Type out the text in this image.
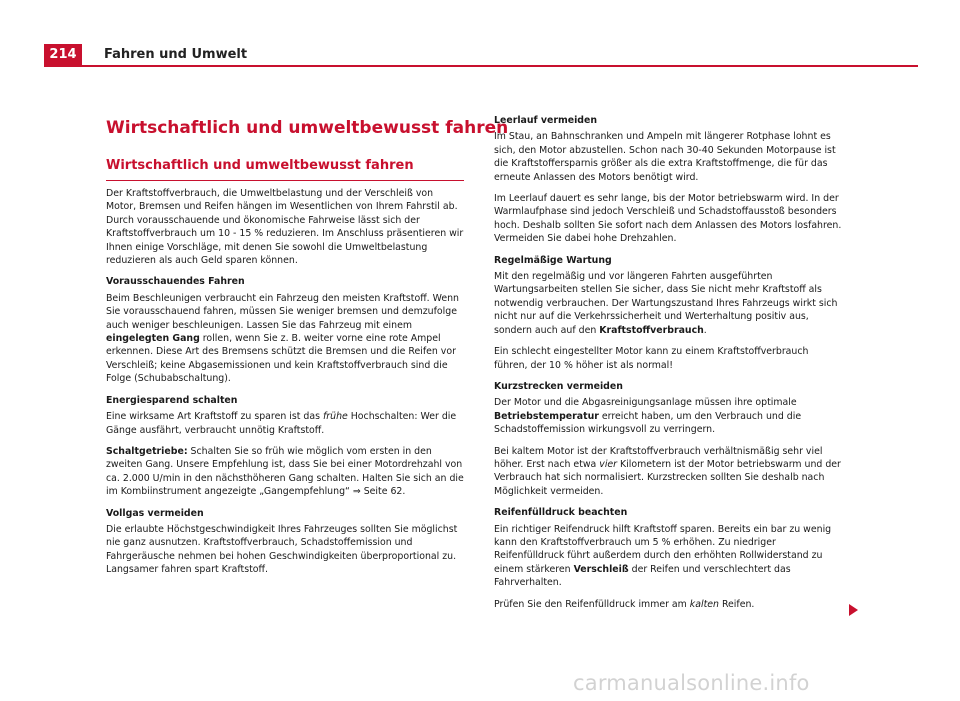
214	Fahren und Umwelt
Wirtschaftlich und umweltbewusst fahren
Wirtschaftlich und umweltbewusst fahren

Der Kraftstoffverbrauch, die Umweltbelastung und der Verschleiß von Motor, Bremsen und Reifen hängen im Wesentlichen von Ihrem Fahrstil ab. Durch vorausschauende und ökonomische Fahrweise lässt sich der Kraftstoffverbrauch um 10 - 15 % reduzieren. Im Anschluss präsentieren wir Ihnen einige Vorschläge, mit denen Sie sowohl die Umweltbelastung reduzieren als auch Geld sparen können.

Vorausschauendes Fahren

Beim Beschleunigen verbraucht ein Fahrzeug den meisten Kraftstoff. Wenn Sie vorausschauend fahren, müssen Sie weniger bremsen und demzufolge auch weniger beschleunigen. Lassen Sie das Fahrzeug mit einem eingelegten Gang rollen, wenn Sie z. B. weiter vorne eine rote Ampel erkennen. Diese Art des Bremsens schützt die Bremsen und die Reifen vor Verschleiß; keine Abgasemissionen und kein Kraftstoffverbrauch sind die Folge (Schubabschaltung).

Energiesparend schalten

Eine wirksame Art Kraftstoff zu sparen ist das frühe Hochschalten: Wer die Gänge ausfährt, verbraucht unnötig Kraftstoff.

Schaltgetriebe: Schalten Sie so früh wie möglich vom ersten in den zweiten Gang. Unsere Empfehlung ist, dass Sie bei einer Motordrehzahl von ca. 2.000 U/min in den nächsthöheren Gang schalten. Halten Sie sich an die im Kombiinstrument angezeigte „Gangempfehlung“ ⇒ Seite 62.

Vollgas vermeiden

Die erlaubte Höchstgeschwindigkeit Ihres Fahrzeuges sollten Sie möglichst nie ganz ausnutzen. Kraftstoffverbrauch, Schadstoffemission und Fahrgeräusche nehmen bei hohen Geschwindigkeiten überproportional zu. Langsamer fahren spart Kraftstoff.

Leerlauf vermeiden

Im Stau, an Bahnschranken und Ampeln mit längerer Rotphase lohnt es sich, den Motor abzustellen. Schon nach 30-40 Sekunden Motorpause ist die Kraftstoffersparnis größer als die extra Kraftstoffmenge, die für das erneute Anlassen des Motors benötigt wird.

Im Leerlauf dauert es sehr lange, bis der Motor betriebswarm wird. In der Warmlaufphase sind jedoch Verschleiß und Schadstoffausstoß besonders hoch. Deshalb sollten Sie sofort nach dem Anlassen des Motors losfahren. Vermeiden Sie dabei hohe Drehzahlen.

Regelmäßige Wartung

Mit den regelmäßig und vor längeren Fahrten ausgeführten Wartungsarbeiten stellen Sie sicher, dass Sie nicht mehr Kraftstoff als notwendig verbrauchen. Der Wartungszustand Ihres Fahrzeugs wirkt sich nicht nur auf die Verkehrssicherheit und Werterhaltung positiv aus, sondern auch auf den Kraftstoffverbrauch.

Ein schlecht eingestellter Motor kann zu einem Kraftstoffverbrauch führen, der 10 % höher ist als normal!

Kurzstrecken vermeiden

Der Motor und die Abgasreinigungsanlage müssen ihre optimale Betriebstemperatur erreicht haben, um den Verbrauch und die Schadstoffemission wirkungsvoll zu verringern.

Bei kaltem Motor ist der Kraftstoffverbrauch verhältnismäßig sehr viel höher. Erst nach etwa vier Kilometern ist der Motor betriebswarm und der Verbrauch hat sich normalisiert. Kurzstrecken sollten Sie deshalb nach Möglichkeit vermeiden.

Reifenfülldruck beachten

Ein richtiger Reifendruck hilft Kraftstoff sparen. Bereits ein bar zu wenig kann den Kraftstoffverbrauch um 5 % erhöhen. Zu niedriger Reifenfülldruck führt außerdem durch den erhöhten Rollwiderstand zu einem stärkeren Verschleiß der Reifen und verschlechtert das Fahrverhalten.

Prüfen Sie den Reifenfülldruck immer am kalten Reifen.

carmanualsonline.info
